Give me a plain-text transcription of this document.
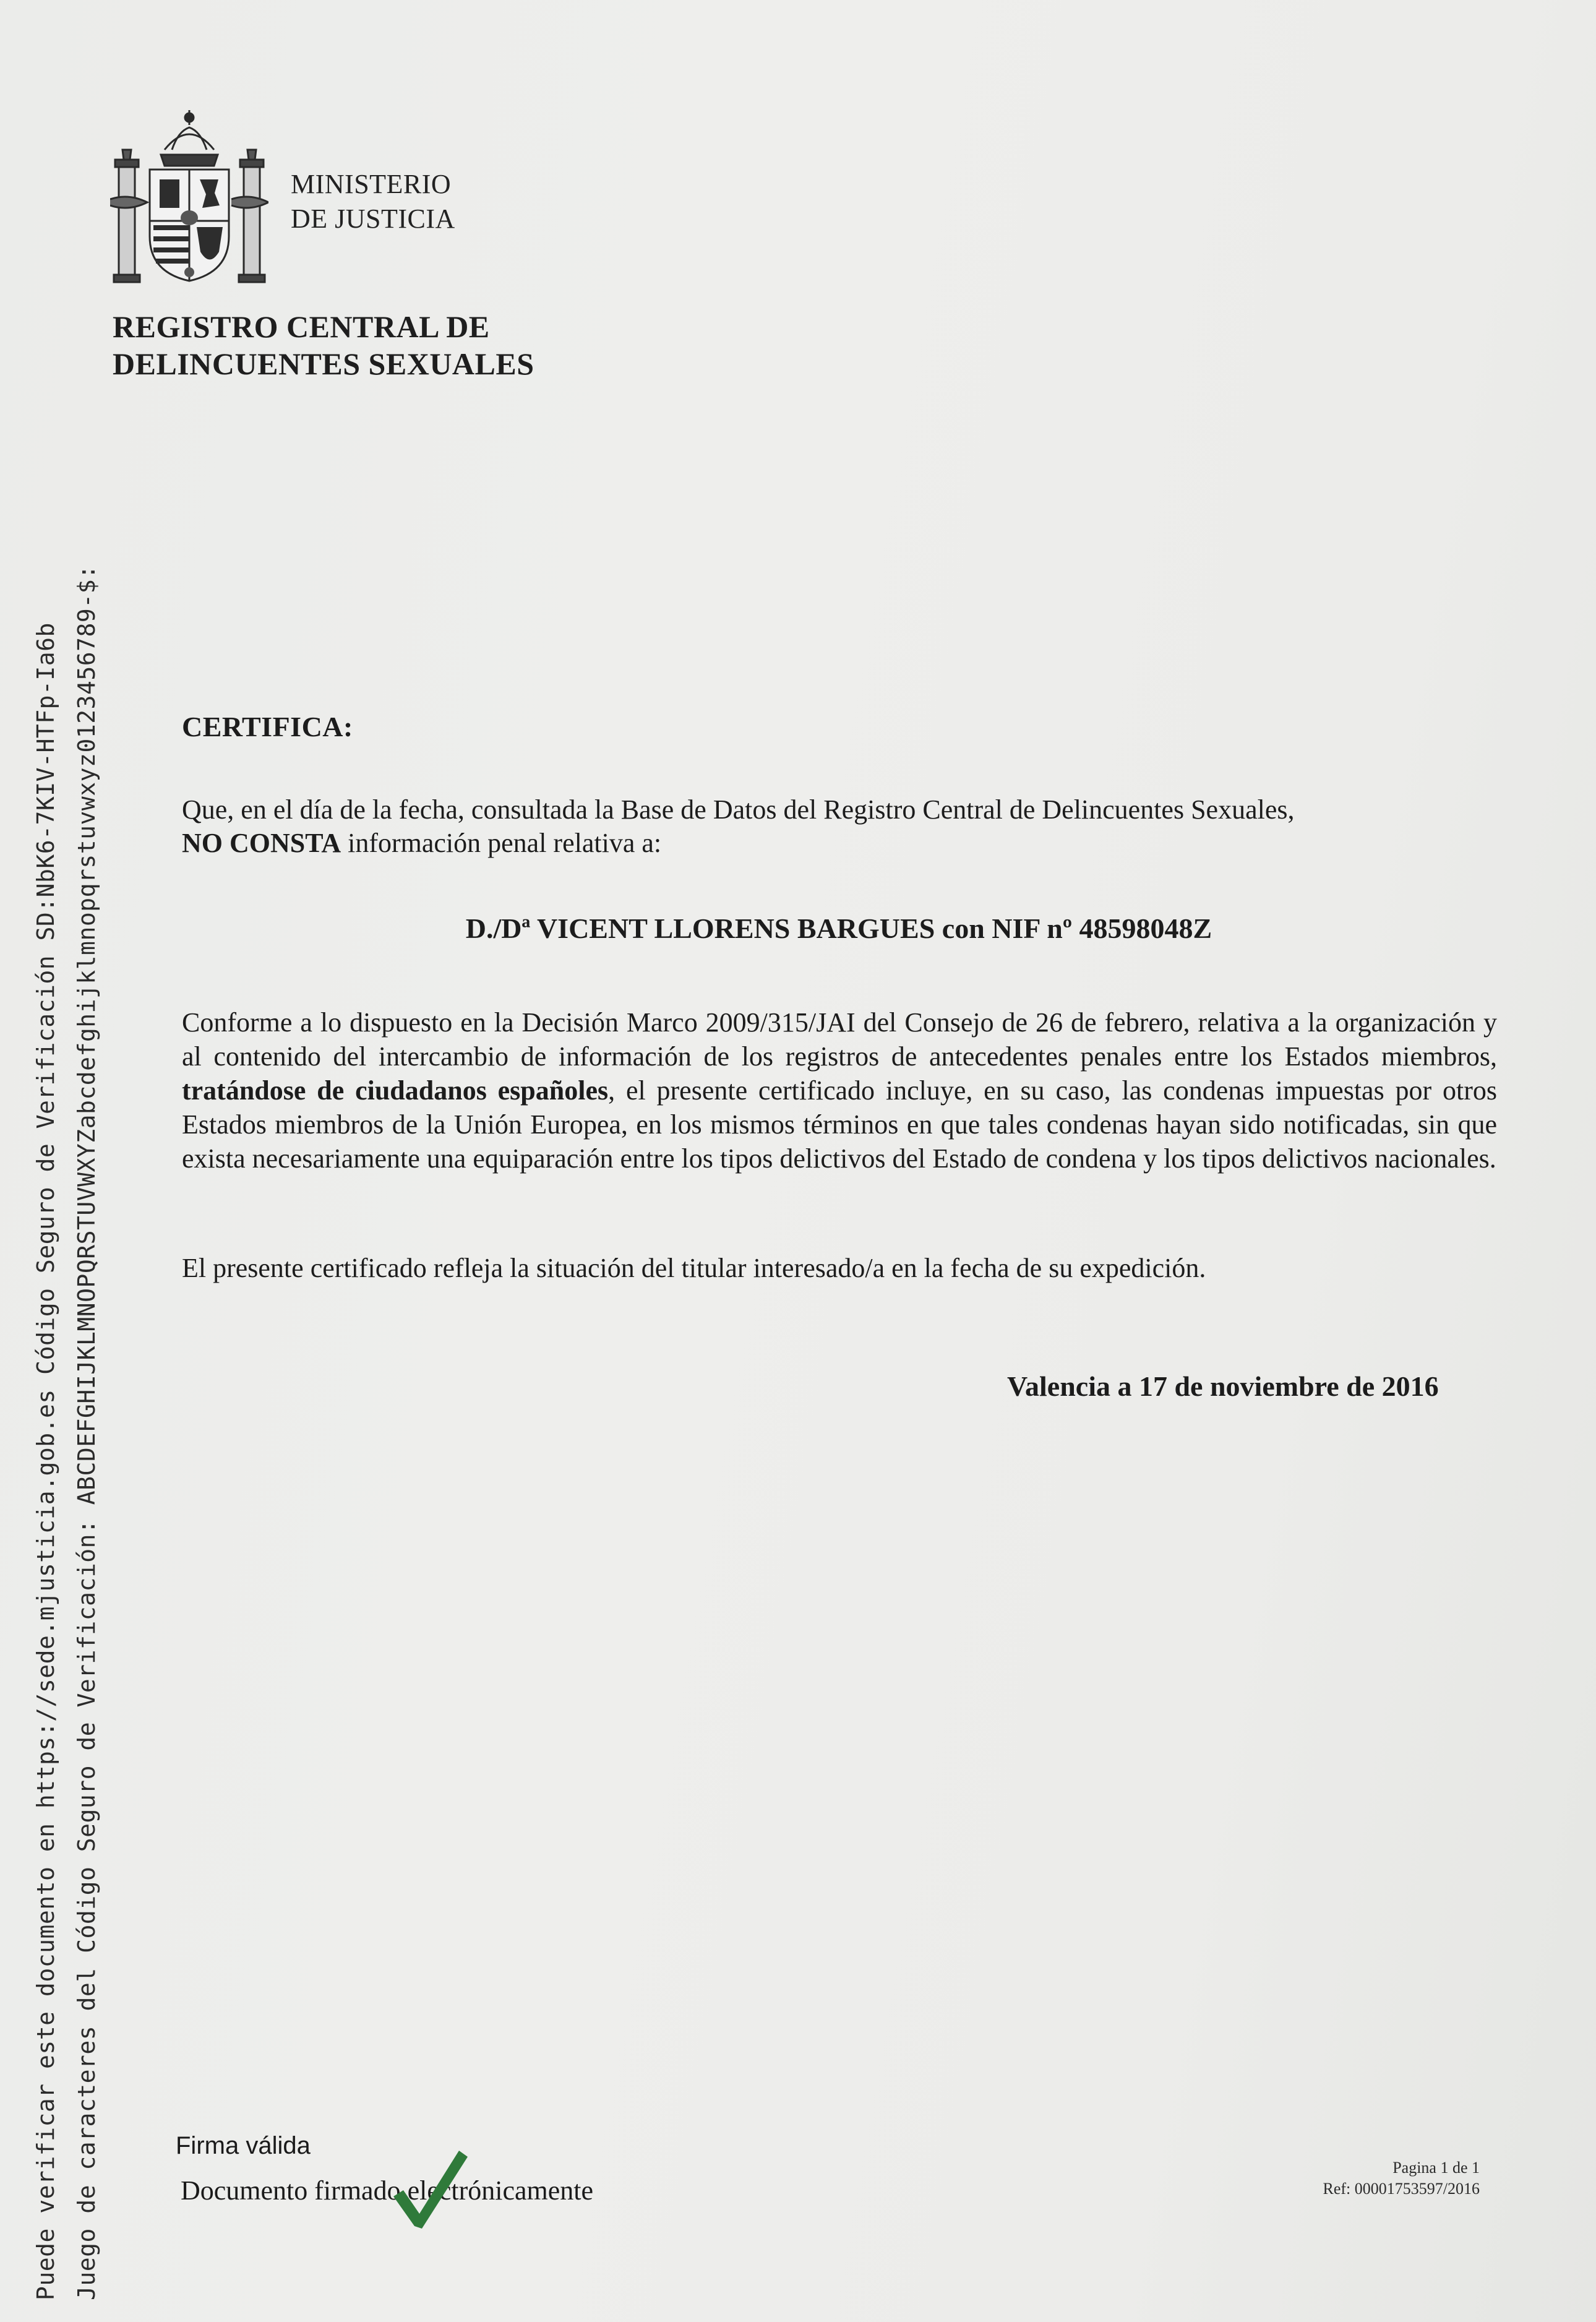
Puede verificar este documento en https://sede.mjusticia.gob.es Código Seguro de Verificación SD:NbK6-7KIV-HTFp-Ia6b Juego de caracteres del Código Seguro de Verificación: ABCDEFGHIJKLMNOPQRSTUVWXYZabcdefghijklmnopqrstuvwxyz0123456789-$:
MINISTERIO
DE JUSTICIA
REGISTRO CENTRAL DE
DELINCUENTES SEXUALES
CERTIFICA:
Que, en el día de la fecha, consultada la Base de Datos del Registro Central de Delincuentes Sexuales,
NO CONSTA información penal relativa a:
D./Dª VICENT LLORENS BARGUES con NIF nº 48598048Z
Conforme a lo dispuesto en la Decisión Marco 2009/315/JAI del Consejo de 26 de febrero, relativa a la organización y al contenido del intercambio de información de los registros de antecedentes penales entre los Estados miembros, tratándose de ciudadanos españoles, el presente certificado incluye, en su caso, las condenas impuestas por otros Estados miembros de la Unión Europea, en los mismos términos en que tales condenas hayan sido notificadas, sin que exista necesariamente una equiparación entre los tipos delictivos del Estado de condena y los tipos delictivos nacionales.
El presente certificado refleja la situación del titular interesado/a en la fecha de su expedición.
Valencia a 17 de noviembre de 2016
Firma válida
Documento firmado electrónicamente
Pagina 1 de 1
Ref: 00001753597/2016
